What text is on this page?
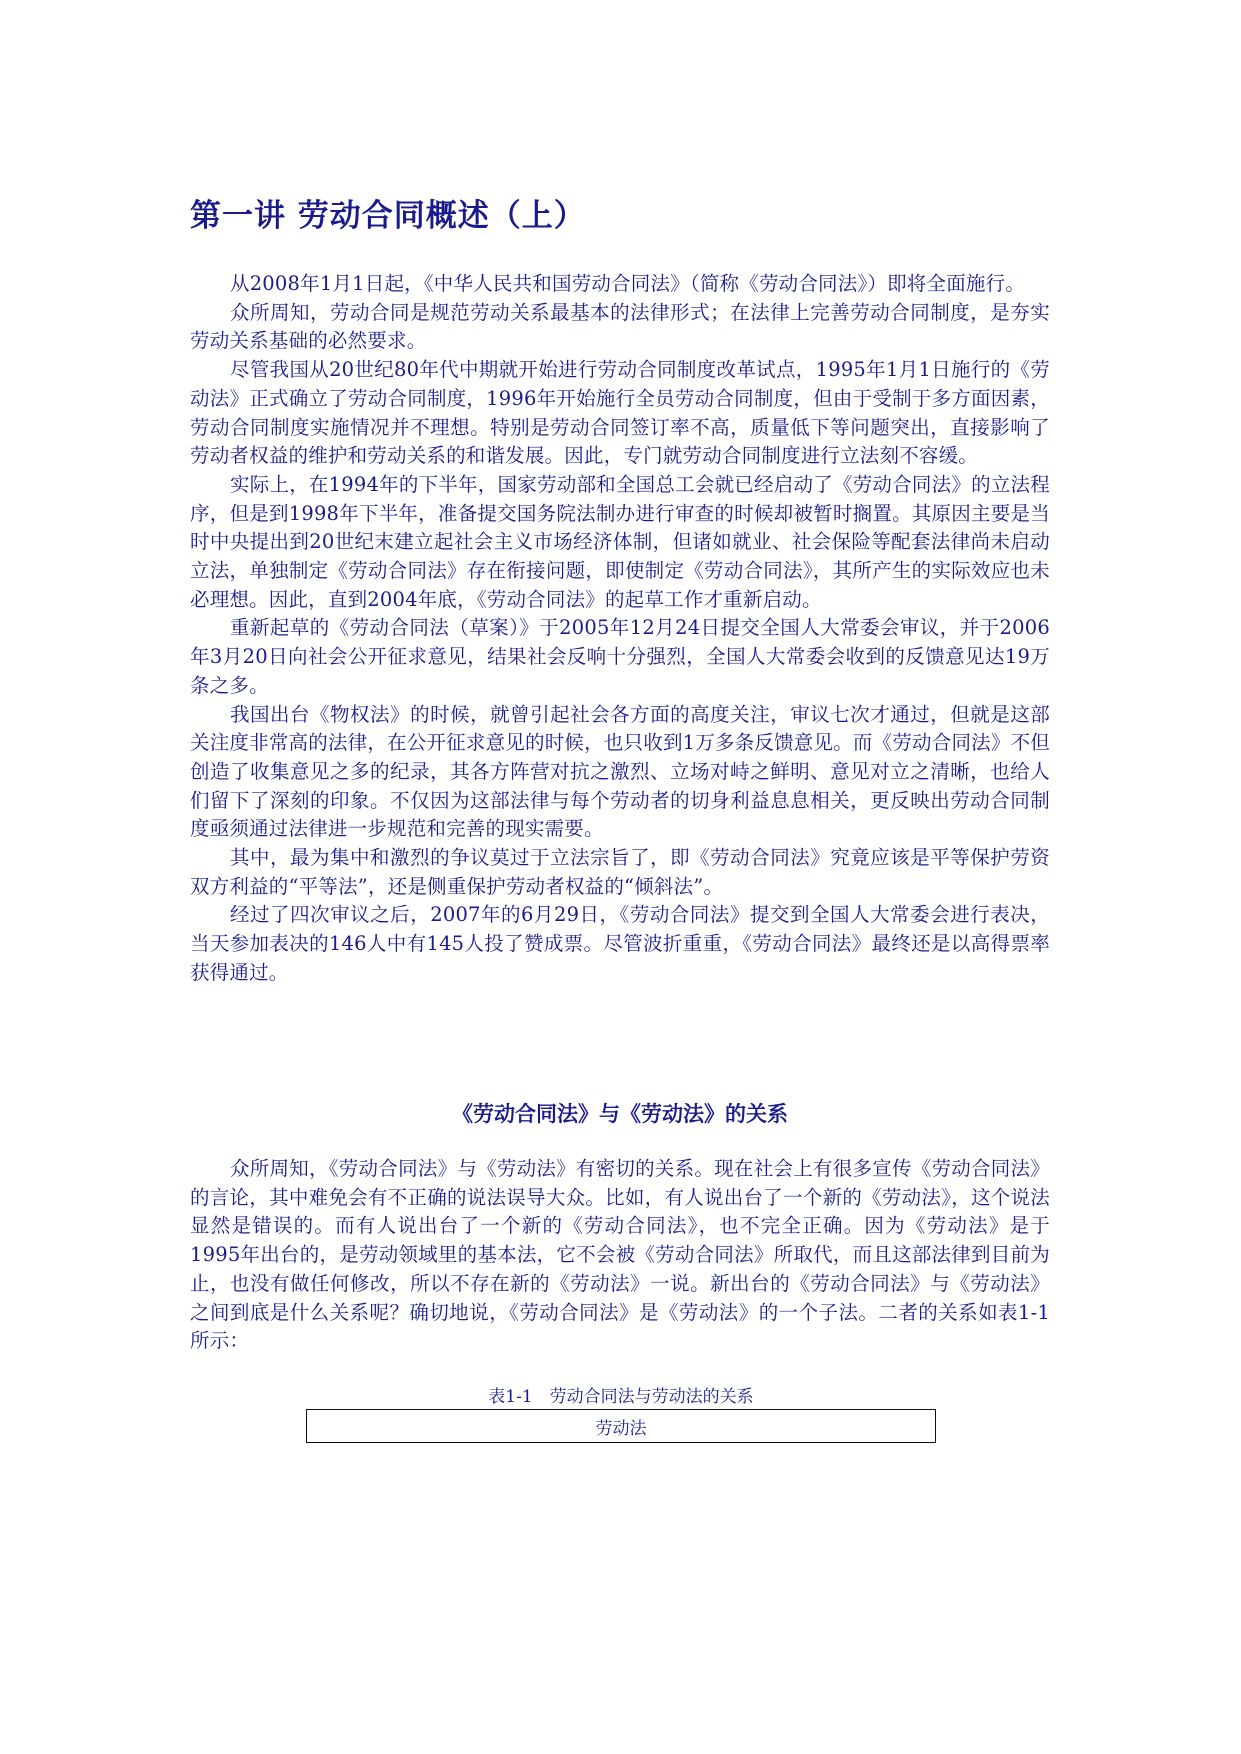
第一讲 劳动合同概述（上）

从2008年1月1日起，《中华人民共和国劳动合同法》（简称《劳动合同法》）即将全面施行。

众所周知，劳动合同是规范劳动关系最基本的法律形式；在法律上完善劳动合同制度，是夯实劳动关系基础的必然要求。

尽管我国从20世纪80年代中期就开始进行劳动合同制度改革试点，1995年1月1日施行的《劳动法》正式确立了劳动合同制度，1996年开始施行全员劳动合同制度，但由于受制于多方面因素，劳动合同制度实施情况并不理想。特别是劳动合同签订率不高，质量低下等问题突出，直接影响了劳动者权益的维护和劳动关系的和谐发展。因此，专门就劳动合同制度进行立法刻不容缓。

实际上，在1994年的下半年，国家劳动部和全国总工会就已经启动了《劳动合同法》的立法程序，但是到1998年下半年，准备提交国务院法制办进行审查的时候却被暂时搁置。其原因主要是当时中央提出到20世纪末建立起社会主义市场经济体制，但诸如就业、社会保险等配套法律尚未启动立法，单独制定《劳动合同法》存在衔接问题，即使制定《劳动合同法》，其所产生的实际效应也未必理想。因此，直到2004年底，《劳动合同法》的起草工作才重新启动。

重新起草的《劳动合同法（草案）》于2005年12月24日提交全国人大常委会审议，并于2006年3月20日向社会公开征求意见，结果社会反响十分强烈，全国人大常委会收到的反馈意见达19万条之多。

我国出台《物权法》的时候，就曾引起社会各方面的高度关注，审议七次才通过，但就是这部关注度非常高的法律，在公开征求意见的时候，也只收到1万多条反馈意见。而《劳动合同法》不但创造了收集意见之多的纪录，其各方阵营对抗之激烈、立场对峙之鲜明、意见对立之清晰，也给人们留下了深刻的印象。不仅因为这部法律与每个劳动者的切身利益息息相关，更反映出劳动合同制度亟须通过法律进一步规范和完善的现实需要。

其中，最为集中和激烈的争议莫过于立法宗旨了，即《劳动合同法》究竟应该是平等保护劳资双方利益的“平等法”，还是侧重保护劳动者权益的“倾斜法”。

经过了四次审议之后，2007年的6月29日，《劳动合同法》提交到全国人大常委会进行表决，当天参加表决的146人中有145人投了赞成票。尽管波折重重，《劳动合同法》最终还是以高得票率获得通过。

《劳动合同法》与《劳动法》的关系

众所周知，《劳动合同法》与《劳动法》有密切的关系。现在社会上有很多宣传《劳动合同法》的言论，其中难免会有不正确的说法误导大众。比如，有人说出台了一个新的《劳动法》，这个说法显然是错误的。而有人说出台了一个新的《劳动合同法》，也不完全正确。因为《劳动法》是于1995年出台的，是劳动领域里的基本法，它不会被《劳动合同法》所取代，而且这部法律到目前为止，也没有做任何修改，所以不存在新的《劳动法》一说。新出台的《劳动合同法》与《劳动法》之间到底是什么关系呢？确切地说，《劳动合同法》是《劳动法》的一个子法。二者的关系如表1-1所示：

表1-1　劳动合同法与劳动法的关系
劳动法
